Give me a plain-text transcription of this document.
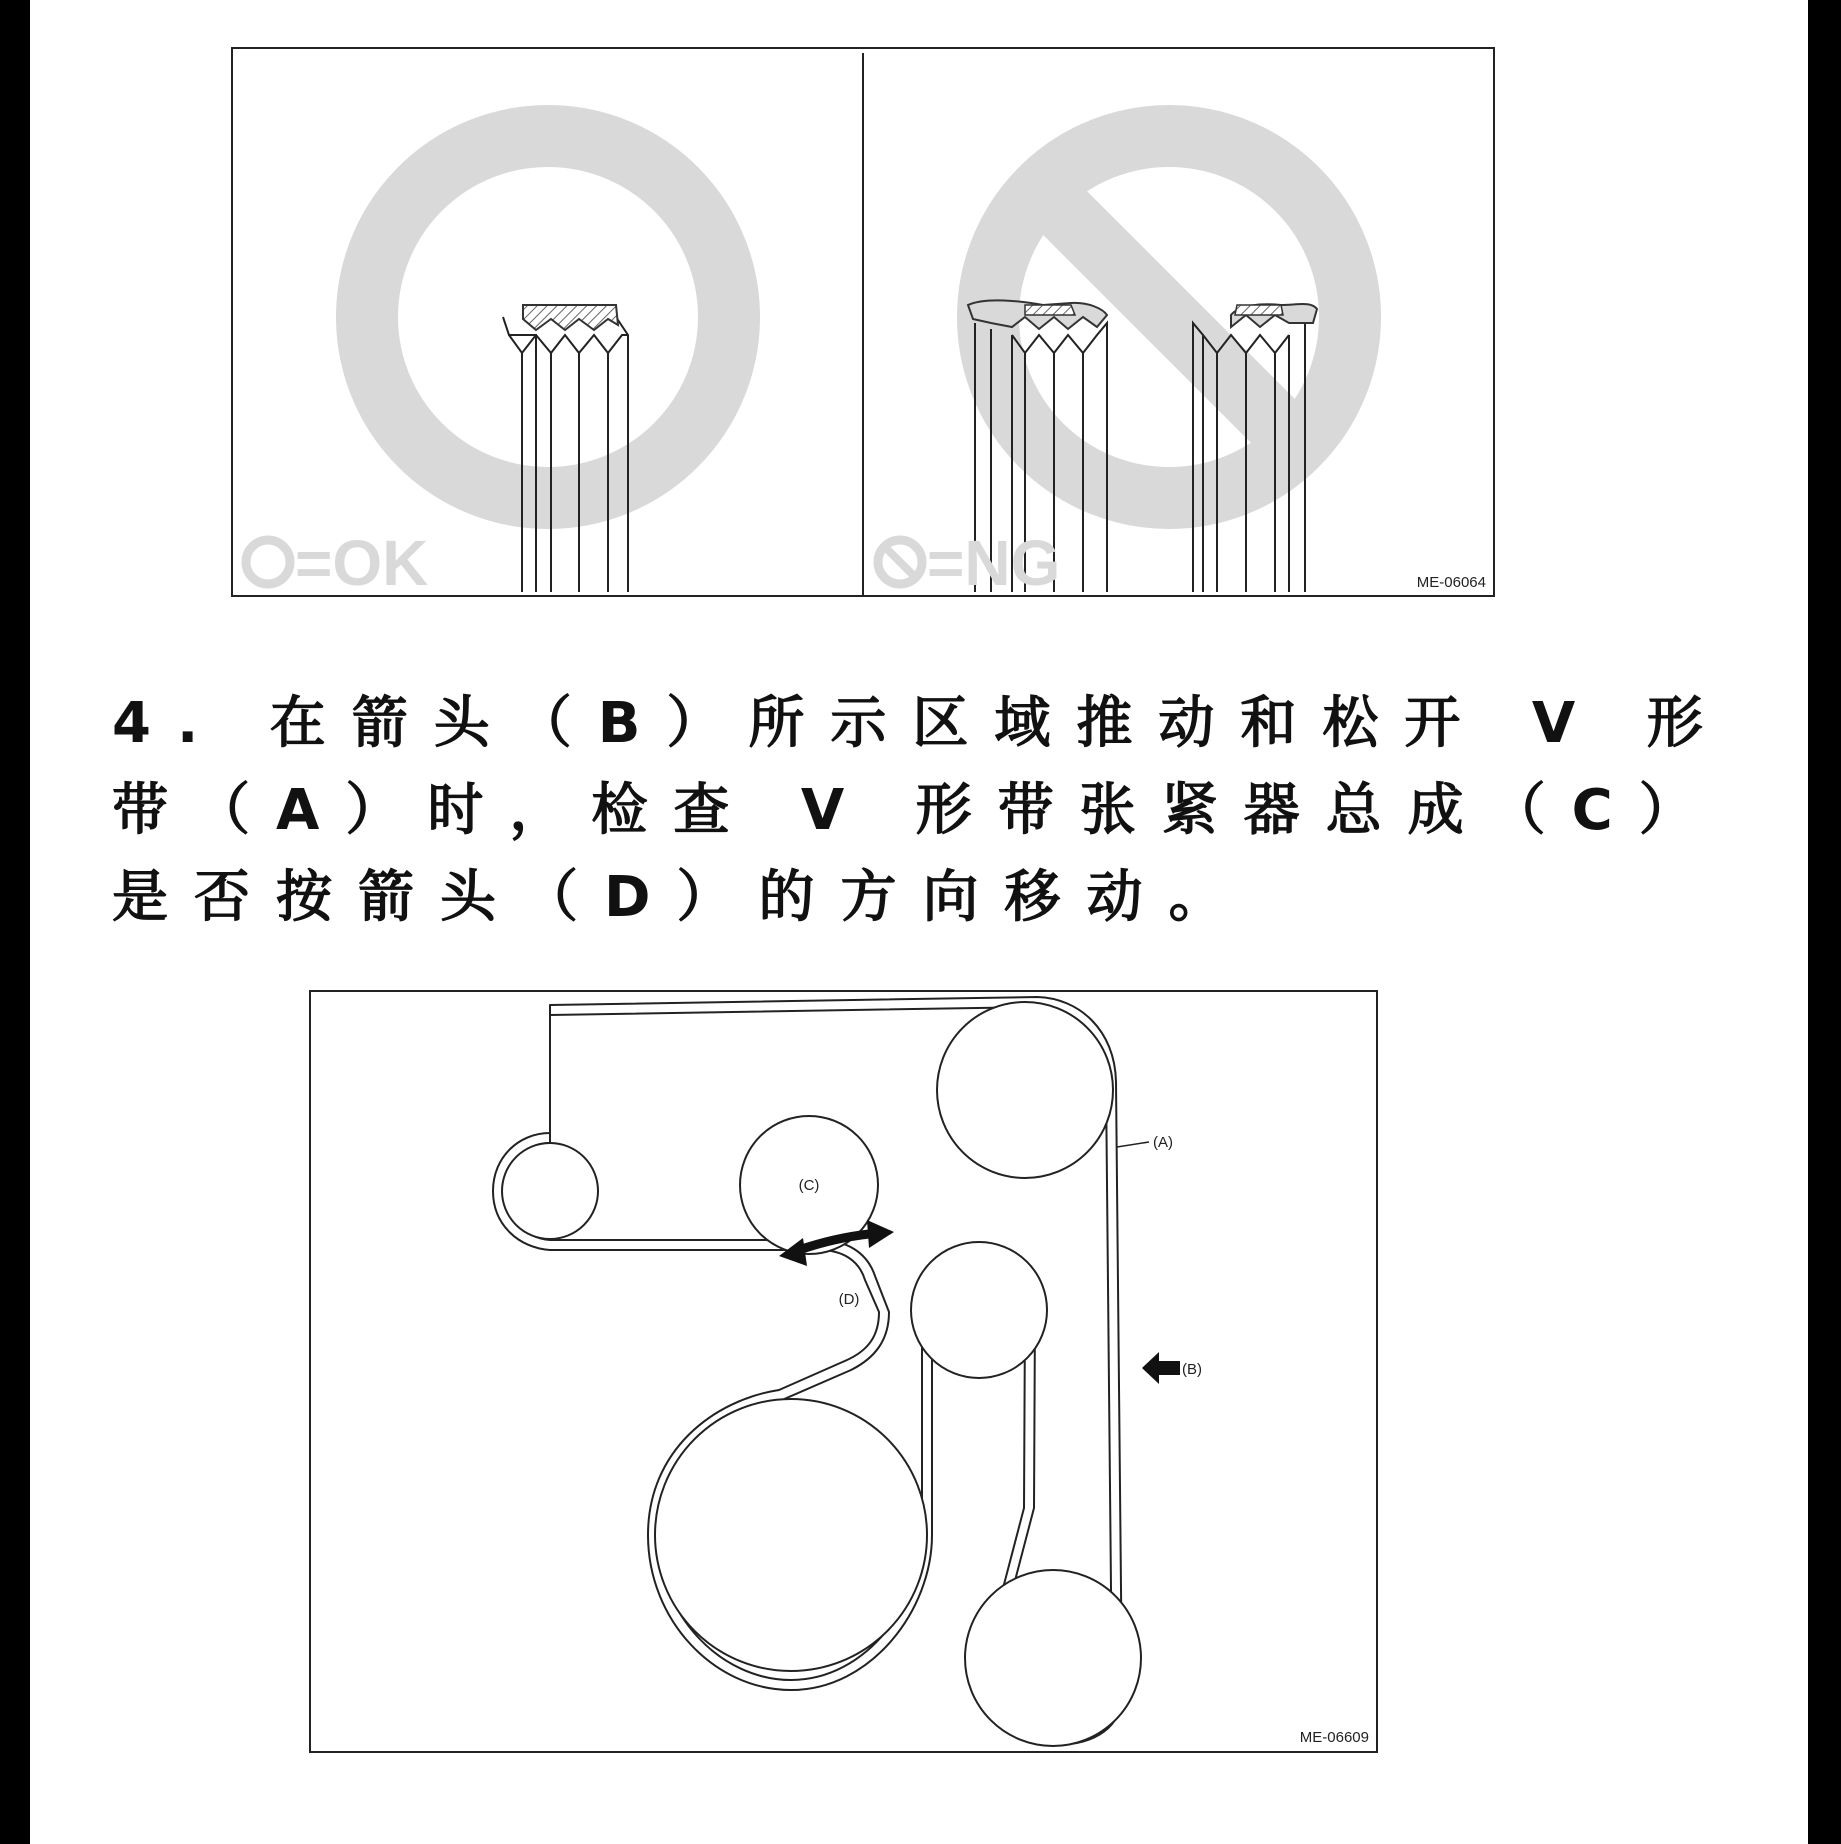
=OK	=NG	ME-06064

4. 在箭头（B）所示区域推动和松开 V 形带（A）时，检查 V 形带张紧器总成（C）是否按箭头（D）的方向移动。

(A)
(C)
(D)
(B)
ME-06609
